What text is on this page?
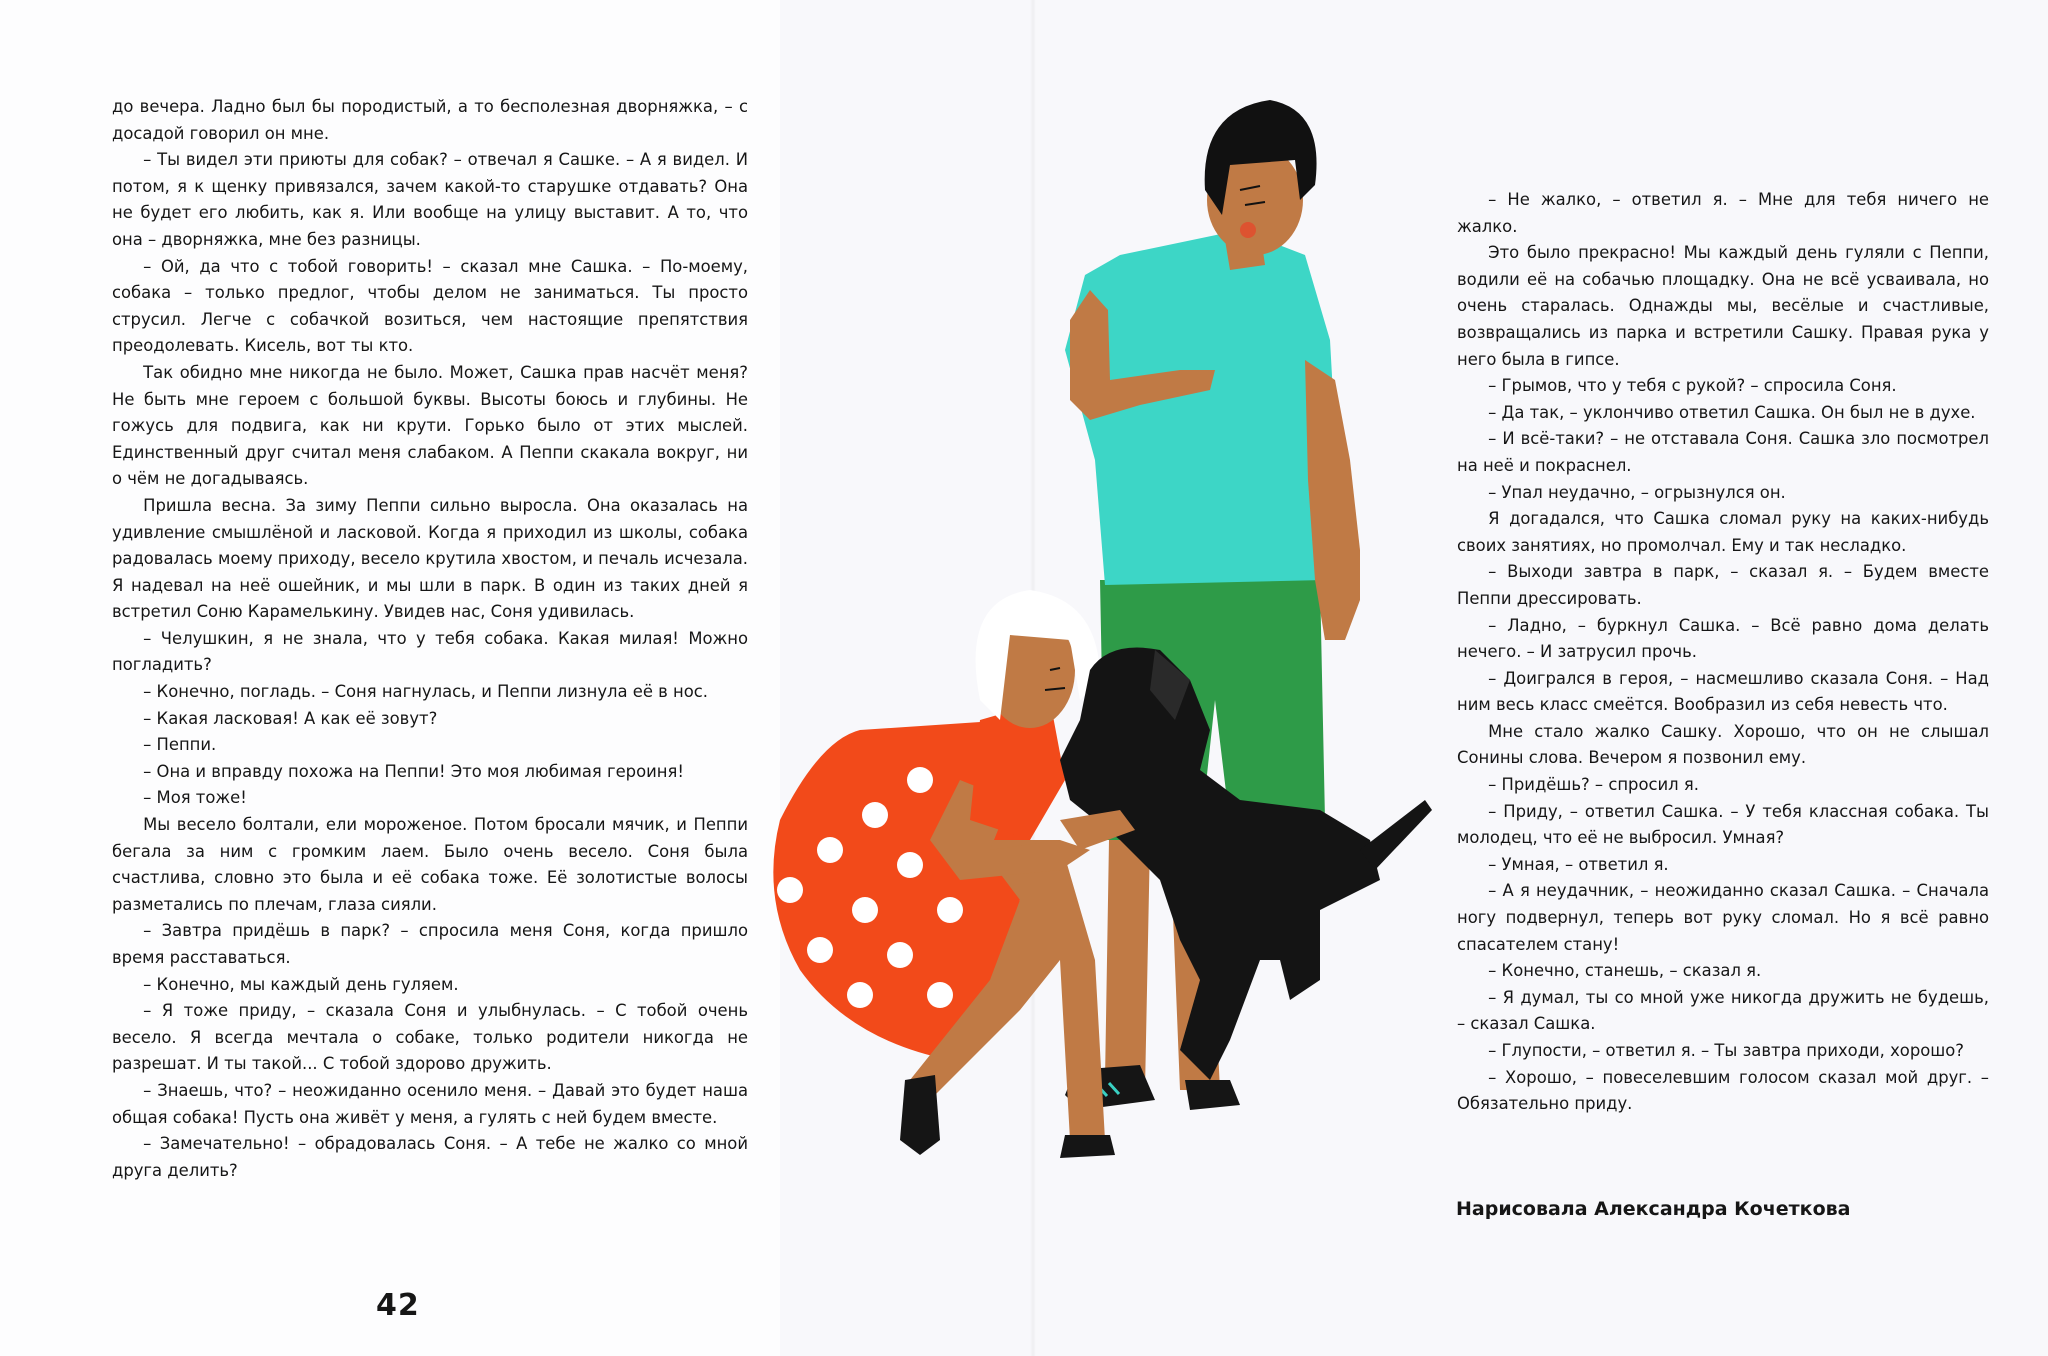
до вечера. Ладно был бы породистый, а то бесполезная дворняжка, – с досадой говорил он мне.

– Ты видел эти приюты для собак? – отвечал я Сашке. – А я видел. И потом, я к щенку привязался, зачем какой-то старушке отдавать? Она не будет его любить, как я. Или вообще на улицу выставит. А то, что она – дворняжка, мне без разницы.

– Ой, да что с тобой говорить! – сказал мне Сашка. – По-моему, собака – только предлог, чтобы делом не заниматься. Ты просто струсил. Легче с собачкой возиться, чем настоящие препятствия преодолевать. Кисель, вот ты кто.

Так обидно мне никогда не было. Может, Сашка прав насчёт меня? Не быть мне героем с большой буквы. Высоты боюсь и глубины. Не гожусь для подвига, как ни крути. Горько было от этих мыслей. Единственный друг считал меня слабаком. А Пеппи скакала вокруг, ни о чём не догадываясь.

Пришла весна. За зиму Пеппи сильно выросла. Она оказалась на удивление смышлёной и ласковой. Когда я приходил из школы, собака радовалась моему приходу, весело крутила хвостом, и печаль исчезала. Я надевал на неё ошейник, и мы шли в парк. В один из таких дней я встретил Соню Карамелькину. Увидев нас, Соня удивилась.

– Челушкин, я не знала, что у тебя собака. Какая милая! Можно погладить?

– Конечно, погладь. – Соня нагнулась, и Пеппи лизнула её в нос.

– Какая ласковая! А как её зовут?

– Пеппи.

– Она и вправду похожа на Пеппи! Это моя любимая героиня!

– Моя тоже!

Мы весело болтали, ели мороженое. Потом бросали мячик, и Пеппи бегала за ним с громким лаем. Было очень весело. Соня была счастлива, словно это была и её собака тоже. Её золотистые волосы разметались по плечам, глаза сияли.

– Завтра придёшь в парк? – спросила меня Соня, когда пришло время расставаться.

– Конечно, мы каждый день гуляем.

– Я тоже приду, – сказала Соня и улыбнулась. – С тобой очень весело. Я всегда мечтала о собаке, только родители никогда не разрешат. И ты такой... С тобой здорово дружить.

– Знаешь, что? – неожиданно осенило меня. – Давай это будет наша общая собака! Пусть она живёт у меня, а гулять с ней будем вместе.

– Замечательно! – обрадовалась Соня. – А тебе не жалко со мной друга делить?

– Не жалко, – ответил я. – Мне для тебя ничего не жалко.

Это было прекрасно! Мы каждый день гуляли с Пеппи, водили её на собачью площадку. Она не всё усваивала, но очень старалась. Однажды мы, весёлые и счастливые, возвращались из парка и встретили Сашку. Правая рука у него была в гипсе.

– Грымов, что у тебя с рукой? – спросила Соня.

– Да так, – уклончиво ответил Сашка. Он был не в духе.

– И всё-таки? – не отставала Соня. Сашка зло посмотрел на неё и покраснел.

– Упал неудачно, – огрызнулся он.

Я догадался, что Сашка сломал руку на каких-нибудь своих занятиях, но промолчал. Ему и так несладко.

– Выходи завтра в парк, – сказал я. – Будем вместе Пеппи дрессировать.

– Ладно, – буркнул Сашка. – Всё равно дома делать нечего. – И затрусил прочь.

– Доигрался в героя, – насмешливо сказала Соня. – Над ним весь класс смеётся. Вообразил из себя невесть что.

Мне стало жалко Сашку. Хорошо, что он не слышал Сонины слова. Вечером я позвонил ему.

– Придёшь? – спросил я.

– Приду, – ответил Сашка. – У тебя классная собака. Ты молодец, что её не выбросил. Умная?

– Умная, – ответил я.

– А я неудачник, – неожиданно сказал Сашка. – Сначала ногу подвернул, теперь вот руку сломал. Но я всё равно спасателем стану!

– Конечно, станешь, – сказал я.

– Я думал, ты со мной уже никогда дружить не будешь, – сказал Сашка.

– Глупости, – ответил я. – Ты завтра приходи, хорошо?

– Хорошо, – повеселевшим голосом сказал мой друг. – Обязательно приду.

42
Нарисовала Александра Кочеткова
